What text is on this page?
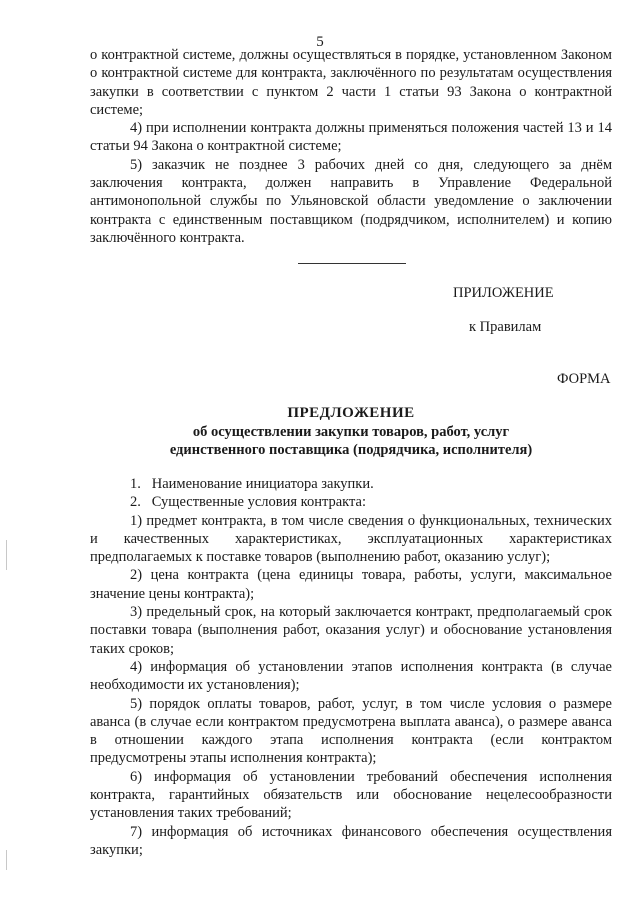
5

о контрактной системе, должны осуществляться в порядке, установленном Законом о контрактной системе для контракта, заключённого по результатам осуществления закупки в соответствии с пунктом 2 части 1 статьи 93 Закона о контрактной системе;

4) при исполнении контракта должны применяться положения частей 13 и 14 статьи 94 Закона о контрактной системе;

5) заказчик не позднее 3 рабочих дней со дня, следующего за днём заключения контракта, должен направить в Управление Федеральной антимонопольной службы по Ульяновской области уведомление о заключении контракта с единственным поставщиком (подрядчиком, исполнителем) и копию заключённого контракта.

ПРИЛОЖЕНИЕ
к Правилам
ФОРМА
ПРЕДЛОЖЕНИЕ
об осуществлении закупки товаров, работ, услуг
единственного поставщика (подрядчика, исполнителя)

1.   Наименование инициатора закупки.

2.   Существенные условия контракта:

1) предмет контракта, в том числе сведения о функциональных, технических и качественных характеристиках, эксплуатационных характеристиках предполагаемых к поставке товаров (выполнению работ, оказанию услуг);

2) цена контракта (цена единицы товара, работы, услуги, максимальное значение цены контракта);

3) предельный срок, на который заключается контракт, предполагаемый срок поставки товара (выполнения работ, оказания услуг) и обоснование установления таких сроков;

4) информация об установлении этапов исполнения контракта (в случае необходимости их установления);

5) порядок оплаты товаров, работ, услуг, в том числе условия о размере аванса (в случае если контрактом предусмотрена выплата аванса), о размере аванса в отношении каждого этапа исполнения контракта (если контрактом предусмотрены этапы исполнения контракта);

6) информация об установлении требований обеспечения исполнения контракта, гарантийных обязательств или обоснование нецелесообразности установления таких требований;

7) информация об источниках финансового обеспечения осуществления закупки;
